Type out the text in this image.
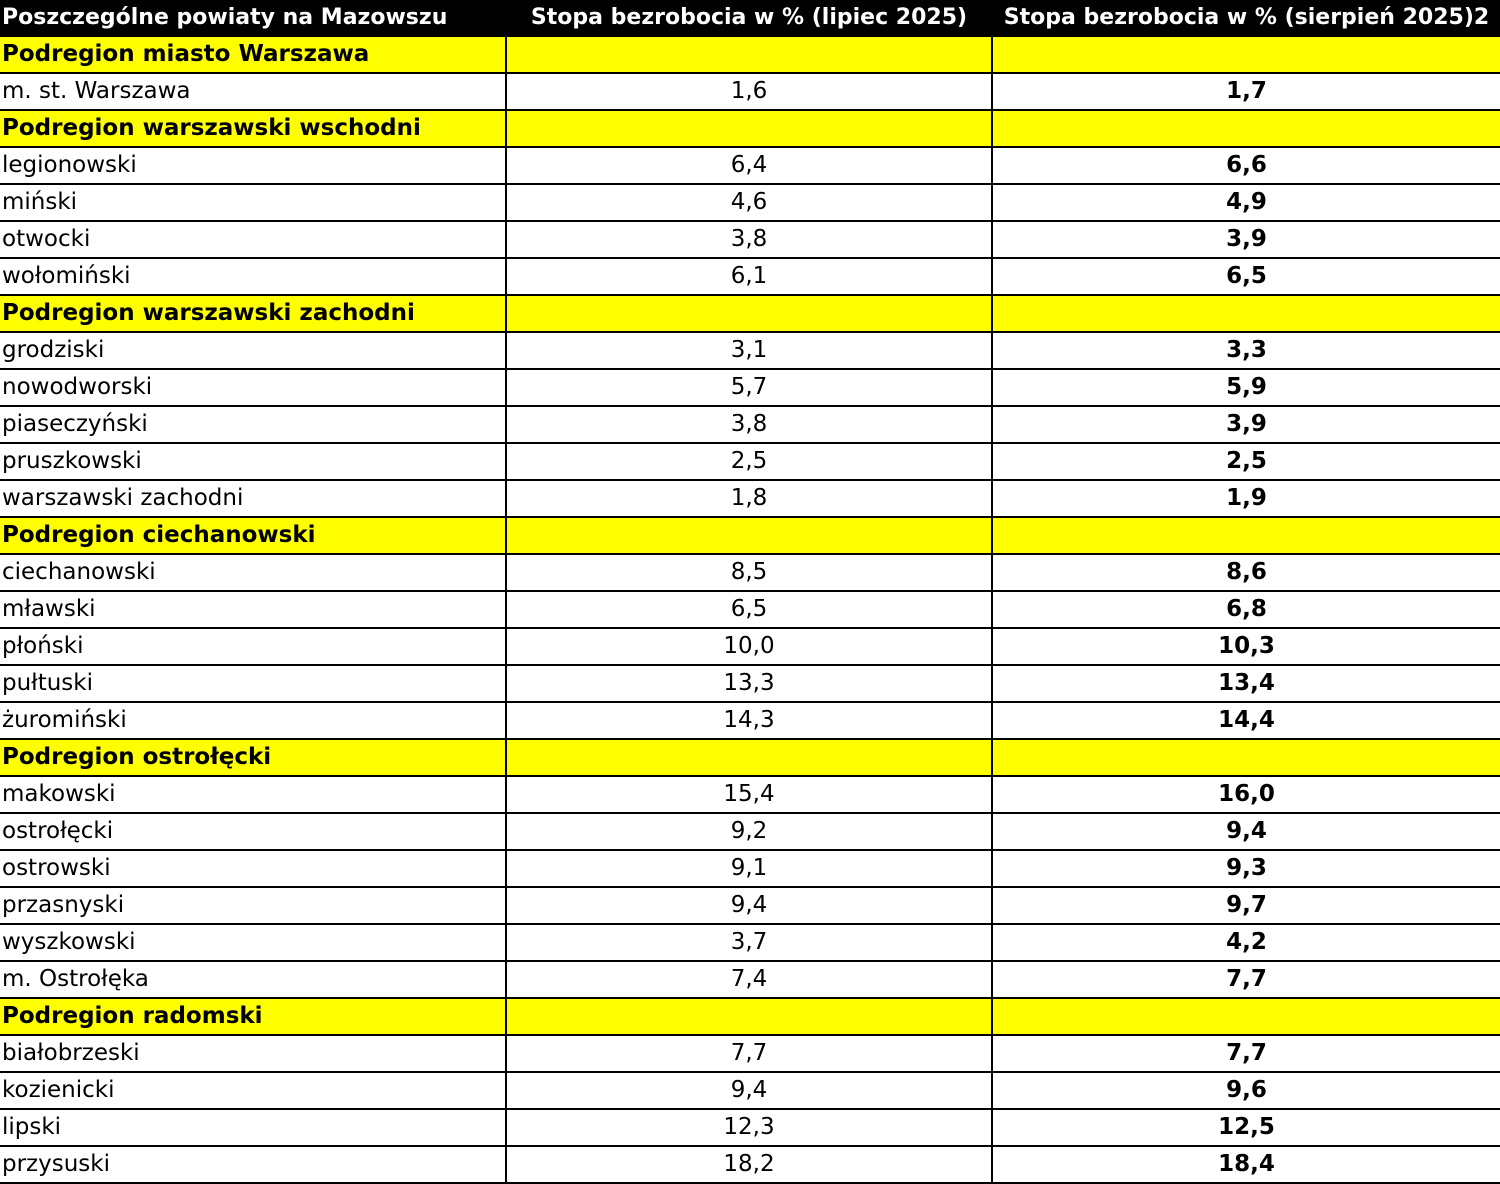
Poszczególne powiaty na Mazowszu	Stopa bezrobocia w % (lipiec 2025)	Stopa bezrobocia w % (sierpień 2025)2
Podregion miasto Warszawa		
m. st. Warszawa	1,6	1,7
Podregion warszawski wschodni		
legionowski	6,4	6,6
miński	4,6	4,9
otwocki	3,8	3,9
wołomiński	6,1	6,5
Podregion warszawski zachodni		
grodziski	3,1	3,3
nowodworski	5,7	5,9
piaseczyński	3,8	3,9
pruszkowski	2,5	2,5
warszawski zachodni	1,8	1,9
Podregion ciechanowski		
ciechanowski	8,5	8,6
mławski	6,5	6,8
płoński	10,0	10,3
pułtuski	13,3	13,4
żuromiński	14,3	14,4
Podregion ostrołęcki		
makowski	15,4	16,0
ostrołęcki	9,2	9,4
ostrowski	9,1	9,3
przasnyski	9,4	9,7
wyszkowski	3,7	4,2
m. Ostrołęka	7,4	7,7
Podregion radomski		
białobrzeski	7,7	7,7
kozienicki	9,4	9,6
lipski	12,3	12,5
przysuski	18,2	18,4
